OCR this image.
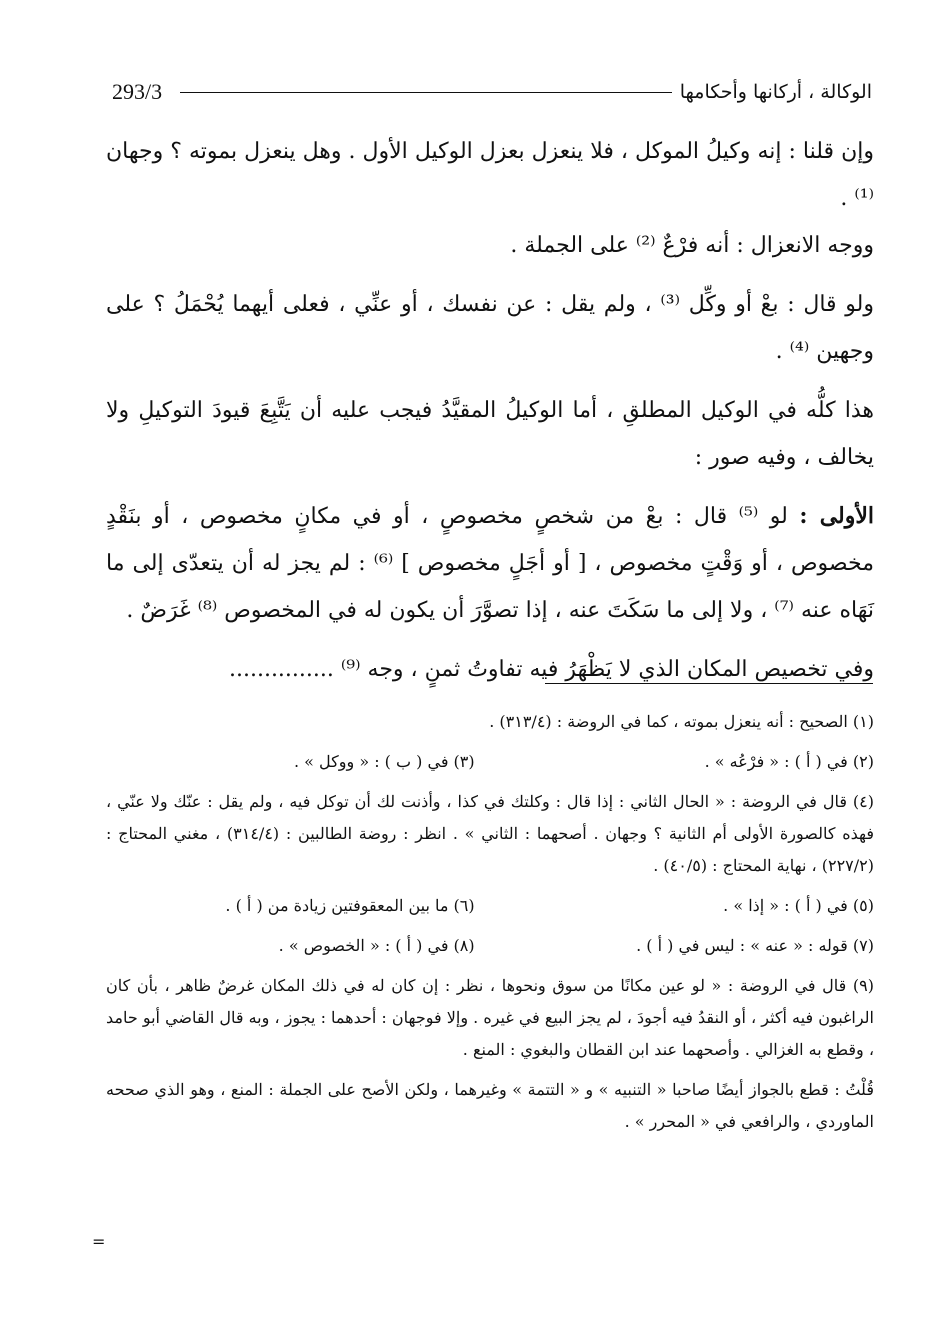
293/3	الوكالة ، أركانها وأحكامها

وإن قلنا : إنه وكيلُ الموكل ، فلا ينعزل بعزل الوكيل الأول . وهل ينعزل بموته ؟ وجهان ⁽¹⁾ .
ووجه الانعزال : أنه فرْعٌ ⁽²⁾ على الجملة .

ولو قال : بعْ أو وكِّل ⁽³⁾ ، ولم يقل : عن نفسك ، أو عنِّي ، فعلى أيهما يُحْمَلُ ؟ على وجهين ⁽⁴⁾ .

هذا كلُّه في الوكيل المطلقِ ، أما الوكيلُ المقيَّدُ فيجب عليه أن يَتَّبِعَ قيودَ التوكيلِ ولا يخالف ، وفيه صور :

الأولى : لو ⁽⁵⁾ قال : بعْ من شخصٍ مخصوصٍ ، أو في مكانٍ مخصوص ، أو بنَقْدٍ مخصوص ، أو وَقْتٍ مخصوص ، [ أو أجَلٍ مخصوص ] ⁽⁶⁾ : لم يجز له أن يتعدّى إلى ما نَهَاه عنه ⁽⁷⁾ ، ولا إلى ما سَكَتَ عنه ، إذا تصوَّرَ أن يكون له في المخصوص ⁽⁸⁾ غَرَضٌ .

وفي تخصيص المكان الذي لا يَظْهَرُ فيه تفاوتُ ثمنٍ ، وجه ⁽⁹⁾ ...............

(١) الصحيح : أنه ينعزل بموته ، كما في الروضة : (٣١٣/٤) .

(٢) في ( أ ) : « فرْعُه » .
(٣) في ( ب ) : « ووكل » .

(٤) قال في الروضة : « الحال الثاني : إذا قال : وكلتك في كذا ، وأذنت لك أن توكل فيه ، ولم يقل : عنّك ولا عنّي ، فهذه كالصورة الأولى أم الثانية ؟ وجهان . أصحهما : الثاني » . انظر : روضة الطالبين : (٣١٤/٤) ، مغني المحتاج : (٢٢٧/٢) ، نهاية المحتاج : (٤٠/٥) .

(٥) في ( أ ) : « إذا » .
(٦) ما بين المعقوفتين زيادة من ( أ ) .
(٧) قوله : « عنه » : ليس في ( أ ) .
(٨) في ( أ ) : « الخصوص » .

(٩) قال في الروضة : « لو عين مكانًا من سوق ونحوها ، نظر : إن كان له في ذلك المكان غرضٌ ظاهر ، بأن كان الراغبون فيه أكثر ، أو النقدُ فيه أجودَ ، لم يجز البيع في غيره . وإلا فوجهان : أحدهما : يجوز ، وبه قال القاضي أبو حامد ، وقطع به الغزالي . وأصحهما عند ابن القطان والبغوي : المنع .

قُلْتُ : قطع بالجواز أيضًا صاحبا « التنبيه » و « التتمة » وغيرهما ، ولكن الأصح على الجملة : المنع ، وهو الذي صححه الماوردي ، والرافعي في « المحرر » .

=
